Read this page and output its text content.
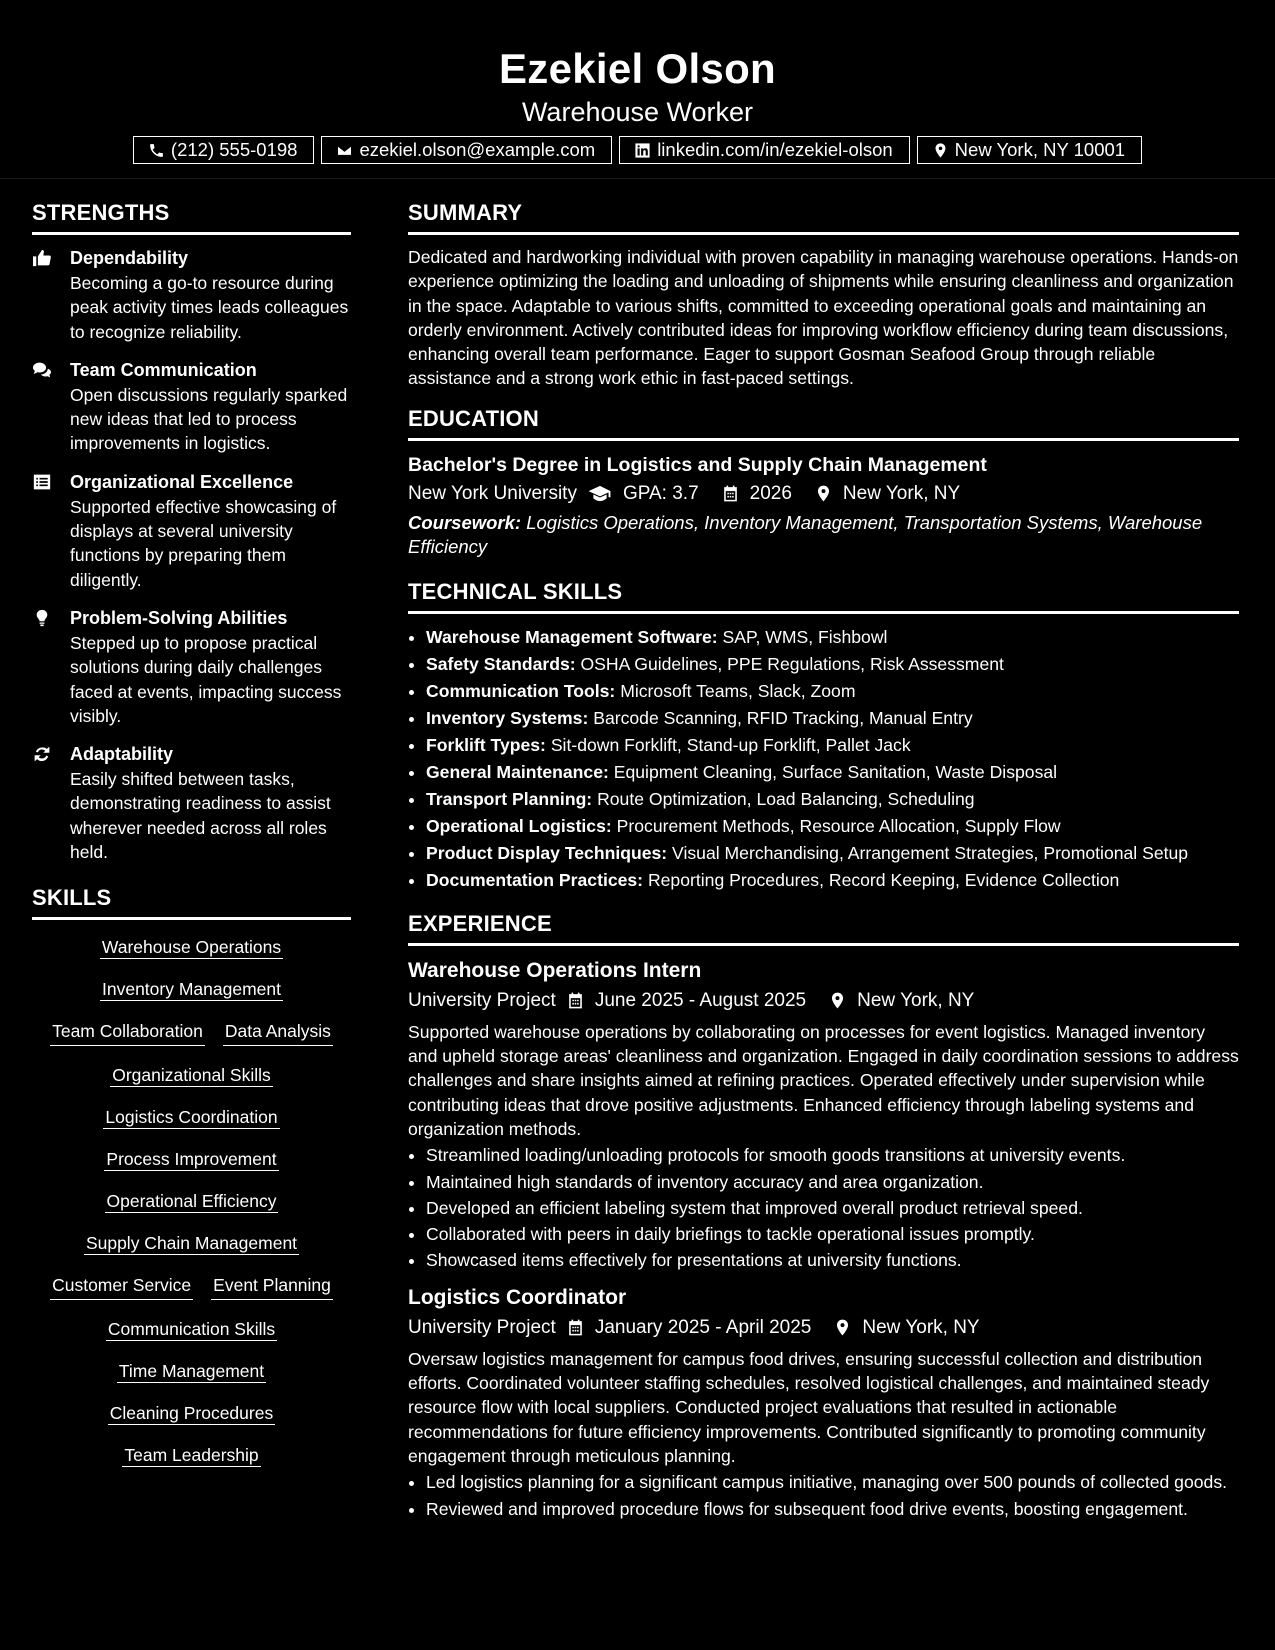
Ezekiel Olson
Warehouse Worker
(212) 555-0198	ezekiel.olson@example.com	linkedin.com/in/ezekiel-olson	New York, NY 10001
STRENGTHS
Dependability
Becoming a go-to resource during peak activity times leads colleagues to recognize reliability.
Team Communication
Open discussions regularly sparked new ideas that led to process improvements in logistics.
Organizational Excellence
Supported effective showcasing of displays at several university functions by preparing them diligently.
Problem-Solving Abilities
Stepped up to propose practical solutions during daily challenges faced at events, impacting success visibly.
Adaptability
Easily shifted between tasks, demonstrating readiness to assist wherever needed across all roles held.
SKILLS
Warehouse Operations
Inventory Management
Team Collaboration Data Analysis
Organizational Skills
Logistics Coordination
Process Improvement
Operational Efficiency
Supply Chain Management
Customer Service Event Planning
Communication Skills
Time Management
Cleaning Procedures
Team Leadership
SUMMARY
Dedicated and hardworking individual with proven capability in managing warehouse operations. Hands-on experience optimizing the loading and unloading of shipments while ensuring cleanliness and organization in the space. Adaptable to various shifts, committed to exceeding operational goals and maintaining an orderly environment. Actively contributed ideas for improving workflow efficiency during team discussions, enhancing overall team performance. Eager to support Gosman Seafood Group through reliable assistance and a strong work ethic in fast-paced settings.
EDUCATION
Bachelor's Degree in Logistics and Supply Chain Management
New York University GPA: 3.7	2026	New York, NY
Coursework: Logistics Operations, Inventory Management, Transportation Systems, Warehouse Efficiency
TECHNICAL SKILLS
• Warehouse Management Software: SAP, WMS, Fishbowl
• Safety Standards: OSHA Guidelines, PPE Regulations, Risk Assessment
• Communication Tools: Microsoft Teams, Slack, Zoom
• Inventory Systems: Barcode Scanning, RFID Tracking, Manual Entry
• Forklift Types: Sit-down Forklift, Stand-up Forklift, Pallet Jack
• General Maintenance: Equipment Cleaning, Surface Sanitation, Waste Disposal
• Transport Planning: Route Optimization, Load Balancing, Scheduling
• Operational Logistics: Procurement Methods, Resource Allocation, Supply Flow
• Product Display Techniques: Visual Merchandising, Arrangement Strategies, Promotional Setup
• Documentation Practices: Reporting Procedures, Record Keeping, Evidence Collection
EXPERIENCE
Warehouse Operations Intern
University Project June 2025 - August 2025	New York, NY
Supported warehouse operations by collaborating on processes for event logistics. Managed inventory and upheld storage areas' cleanliness and organization. Engaged in daily coordination sessions to address challenges and share insights aimed at refining practices. Operated effectively under supervision while contributing ideas that drove positive adjustments. Enhanced efficiency through labeling systems and organization methods.
• Streamlined loading/unloading protocols for smooth goods transitions at university events.
• Maintained high standards of inventory accuracy and area organization.
• Developed an efficient labeling system that improved overall product retrieval speed.
• Collaborated with peers in daily briefings to tackle operational issues promptly.
• Showcased items effectively for presentations at university functions.
Logistics Coordinator
University Project January 2025 - April 2025	New York, NY
Oversaw logistics management for campus food drives, ensuring successful collection and distribution efforts. Coordinated volunteer staffing schedules, resolved logistical challenges, and maintained steady resource flow with local suppliers. Conducted project evaluations that resulted in actionable recommendations for future efficiency improvements. Contributed significantly to promoting community engagement through meticulous planning.
• Led logistics planning for a significant campus initiative, managing over 500 pounds of collected goods.
• Reviewed and improved procedure flows for subsequent food drive events, boosting engagement.
